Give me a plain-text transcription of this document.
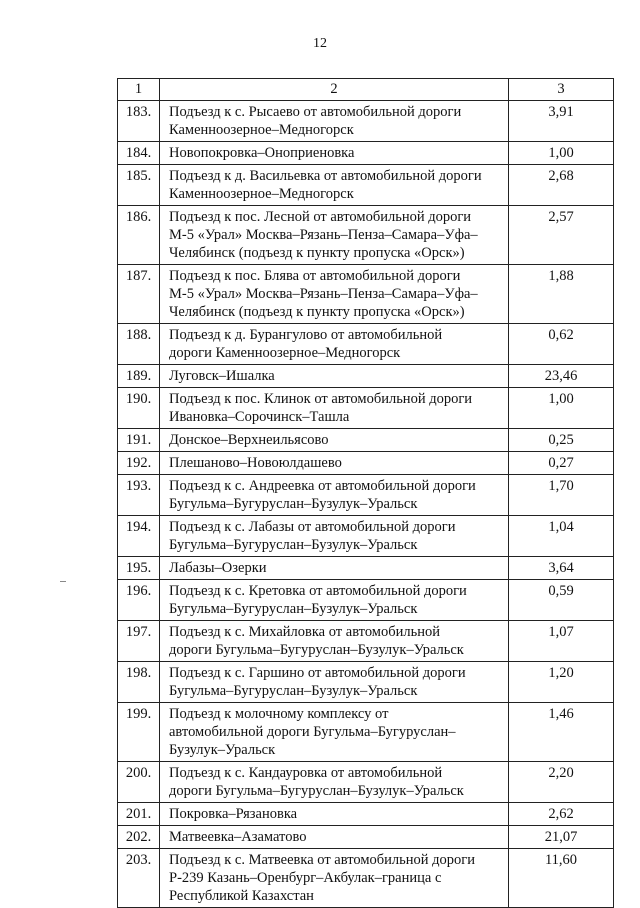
12
1	2	3
183.	Подъезд к с. Рысаево от автомобильной дороги
Каменноозерное–Медногорск	3,91
184.	Новопокровка–Оноприеновка	1,00
185.	Подъезд к д. Васильевка от автомобильной дороги
Каменноозерное–Медногорск	2,68
186.	Подъезд к пос. Лесной от автомобильной дороги
М-5 «Урал» Москва–Рязань–Пенза–Самара–Уфа–
Челябинск (подъезд к пункту пропуска «Орск»)	2,57
187.	Подъезд к пос. Блява от автомобильной дороги
М-5 «Урал» Москва–Рязань–Пенза–Самара–Уфа–
Челябинск (подъезд к пункту пропуска «Орск»)	1,88
188.	Подъезд к д. Бурангулово от автомобильной
дороги Каменноозерное–Медногорск	0,62
189.	Луговск–Ишалка	23,46
190.	Подъезд к пос. Клинок от автомобильной дороги
Ивановка–Сорочинск–Ташла	1,00
191.	Донское–Верхнеильясово	0,25
192.	Плешаново–Новоюлдашево	0,27
193.	Подъезд к с. Андреевка от автомобильной дороги
Бугульма–Бугуруслан–Бузулук–Уральск	1,70
194.	Подъезд к с. Лабазы от автомобильной дороги
Бугульма–Бугуруслан–Бузулук–Уральск	1,04
195.	Лабазы–Озерки	3,64
196.	Подъезд к с. Кретовка от автомобильной дороги
Бугульма–Бугуруслан–Бузулук–Уральск	0,59
197.	Подъезд к с. Михайловка от автомобильной
дороги Бугульма–Бугуруслан–Бузулук–Уральск	1,07
198.	Подъезд к с. Гаршино от автомобильной дороги
Бугульма–Бугуруслан–Бузулук–Уральск	1,20
199.	Подъезд к молочному комплексу от
автомобильной дороги Бугульма–Бугуруслан–
Бузулук–Уральск	1,46
200.	Подъезд к с. Кандауровка от автомобильной
дороги Бугульма–Бугуруслан–Бузулук–Уральск	2,20
201.	Покровка–Рязановка	2,62
202.	Матвеевка–Азаматово	21,07
203.	Подъезд к с. Матвеевка от автомобильной дороги
Р-239 Казань–Оренбург–Акбулак–граница с
Республикой Казахстан	11,60
